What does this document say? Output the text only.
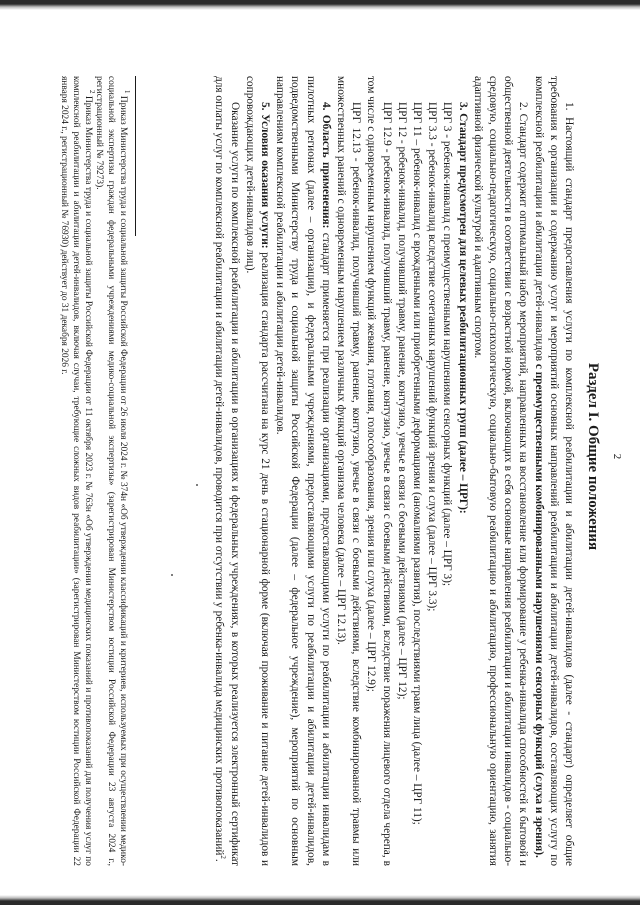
2
Раздел I. Общие положения

1. Настоящий стандарт предоставления услуги по комплексной реабилитации и абилитации детей-инвалидов (далее - стандарт) определяет общие требования к организации и содержанию услуг и мероприятий основных направлений реабилитации и абилитации детей-инвалидов, составляющих услугу по комплексной реабилитации и абилитации детей-инвалидов с преимущественными комбинированными нарушениями сенсорных функций (слуха и зрения).

2. Стандарт содержит оптимальный набор мероприятий, направленных на восстановление или формирование у ребенка-инвалида способностей к бытовой и общественной деятельности в соответствии с возрастной нормой, включающих в себя основные направления реабилитации и абилитации инвалидов - социально-средовую, социально-педагогическую, социально-психологическую, социально-бытовую реабилитацию и абилитацию, профессиональную ориентацию, занятия адаптивной физической культурой и адаптивным спортом.

3. Стандарт предусмотрен для целевых реабилитационных групп (далее – ЦРГ):

ЦРГ 3 - ребенок-инвалид с преимущественными нарушениями сенсорных функций (далее – ЦРГ 3);

ЦРГ 3.3 - ребенок-инвалид вследствие сочетанных нарушений функций зрения и слуха (далее – ЦРГ 3.3);

ЦРГ 11 – ребенок-инвалид с врожденными или приобретенными деформациями (аномалиями развития), последствиями травм лица (далее – ЦРГ 11);

ЦРГ 12 - ребенок-инвалид, получивший травму, ранение, контузию, увечье в связи с боевыми действиями (далее – ЦРГ 12);

ЦРГ 12.9 - ребенок-инвалид, получивший травму, ранение, контузию, увечье в связи с боевыми действиями, вследствие поражения лицевого отдела черепа, в том числе с одновременным нарушением функций жевания, глотания, голосообразования, зрения или слуха (далее – ЦРГ 12.9);

ЦРГ 12.13 - ребенок-инвалид, получивший травму, ранение, контузию, увечье в связи с боевыми действиями, вследствие комбинированной травмы или множественных ранений с одновременным нарушением различных функций организма человека (далее – ЦРГ 12.13).

4. Область применения: стандарт применяется при реализации организациями, предоставляющими услуги по реабилитации и абилитации инвалидам в пилотных регионах (далее – организации), и федеральными учреждениями, предоставляющими услуги по реабилитации и абилитации детей-инвалидов, подведомственными Министерству труда и социальной защиты Российской Федерации (далее – федеральное учреждение), мероприятий по основным направлениям комплексной реабилитации и абилитации детей-инвалидов.

5. Условия оказания услуги: реализация стандарта рассчитана на курс 21 день в стационарной форме (включая проживание и питание детей-инвалидов и сопровождающих детей-инвалидов лиц).

Оказание услуги по комплексной реабилитации и абилитации в организациях и федеральных учреждениях, в которых реализуется электронный сертификат для оплаты услуг по комплексной реабилитации и абилитации детей-инвалидов, проводится при отсутствии у ребенка-инвалида медицинских противопоказаний$^2$.

$^1$ Приказ Министерства труда и социальной защиты Российской Федерации от 26 июля 2024 г. № 374н «Об утверждении классификаций и критериев, используемых при осуществлении медико-социальной экспертизы граждан федеральными учреждениями медико-социальной экспертизы» (зарегистрирован Министерством юстиции Российской Федерации 23 августа 2024 г., регистрационный № 79273).

$^2$ Приказ Министерства труда и социальной защиты Российской Федерации от 11 октября 2023 г. № 763н «Об утверждении медицинских показаний и противопоказаний для получения услуг по комплексной реабилитации и абилитации детей-инвалидов, включая случаи, требующие сложных видов реабилитации» (зарегистрирован Министерством юстиции Российской Федерации 22 января 2024 г., регистрационный № 76930) действует до 31 декабря 2026 г.
